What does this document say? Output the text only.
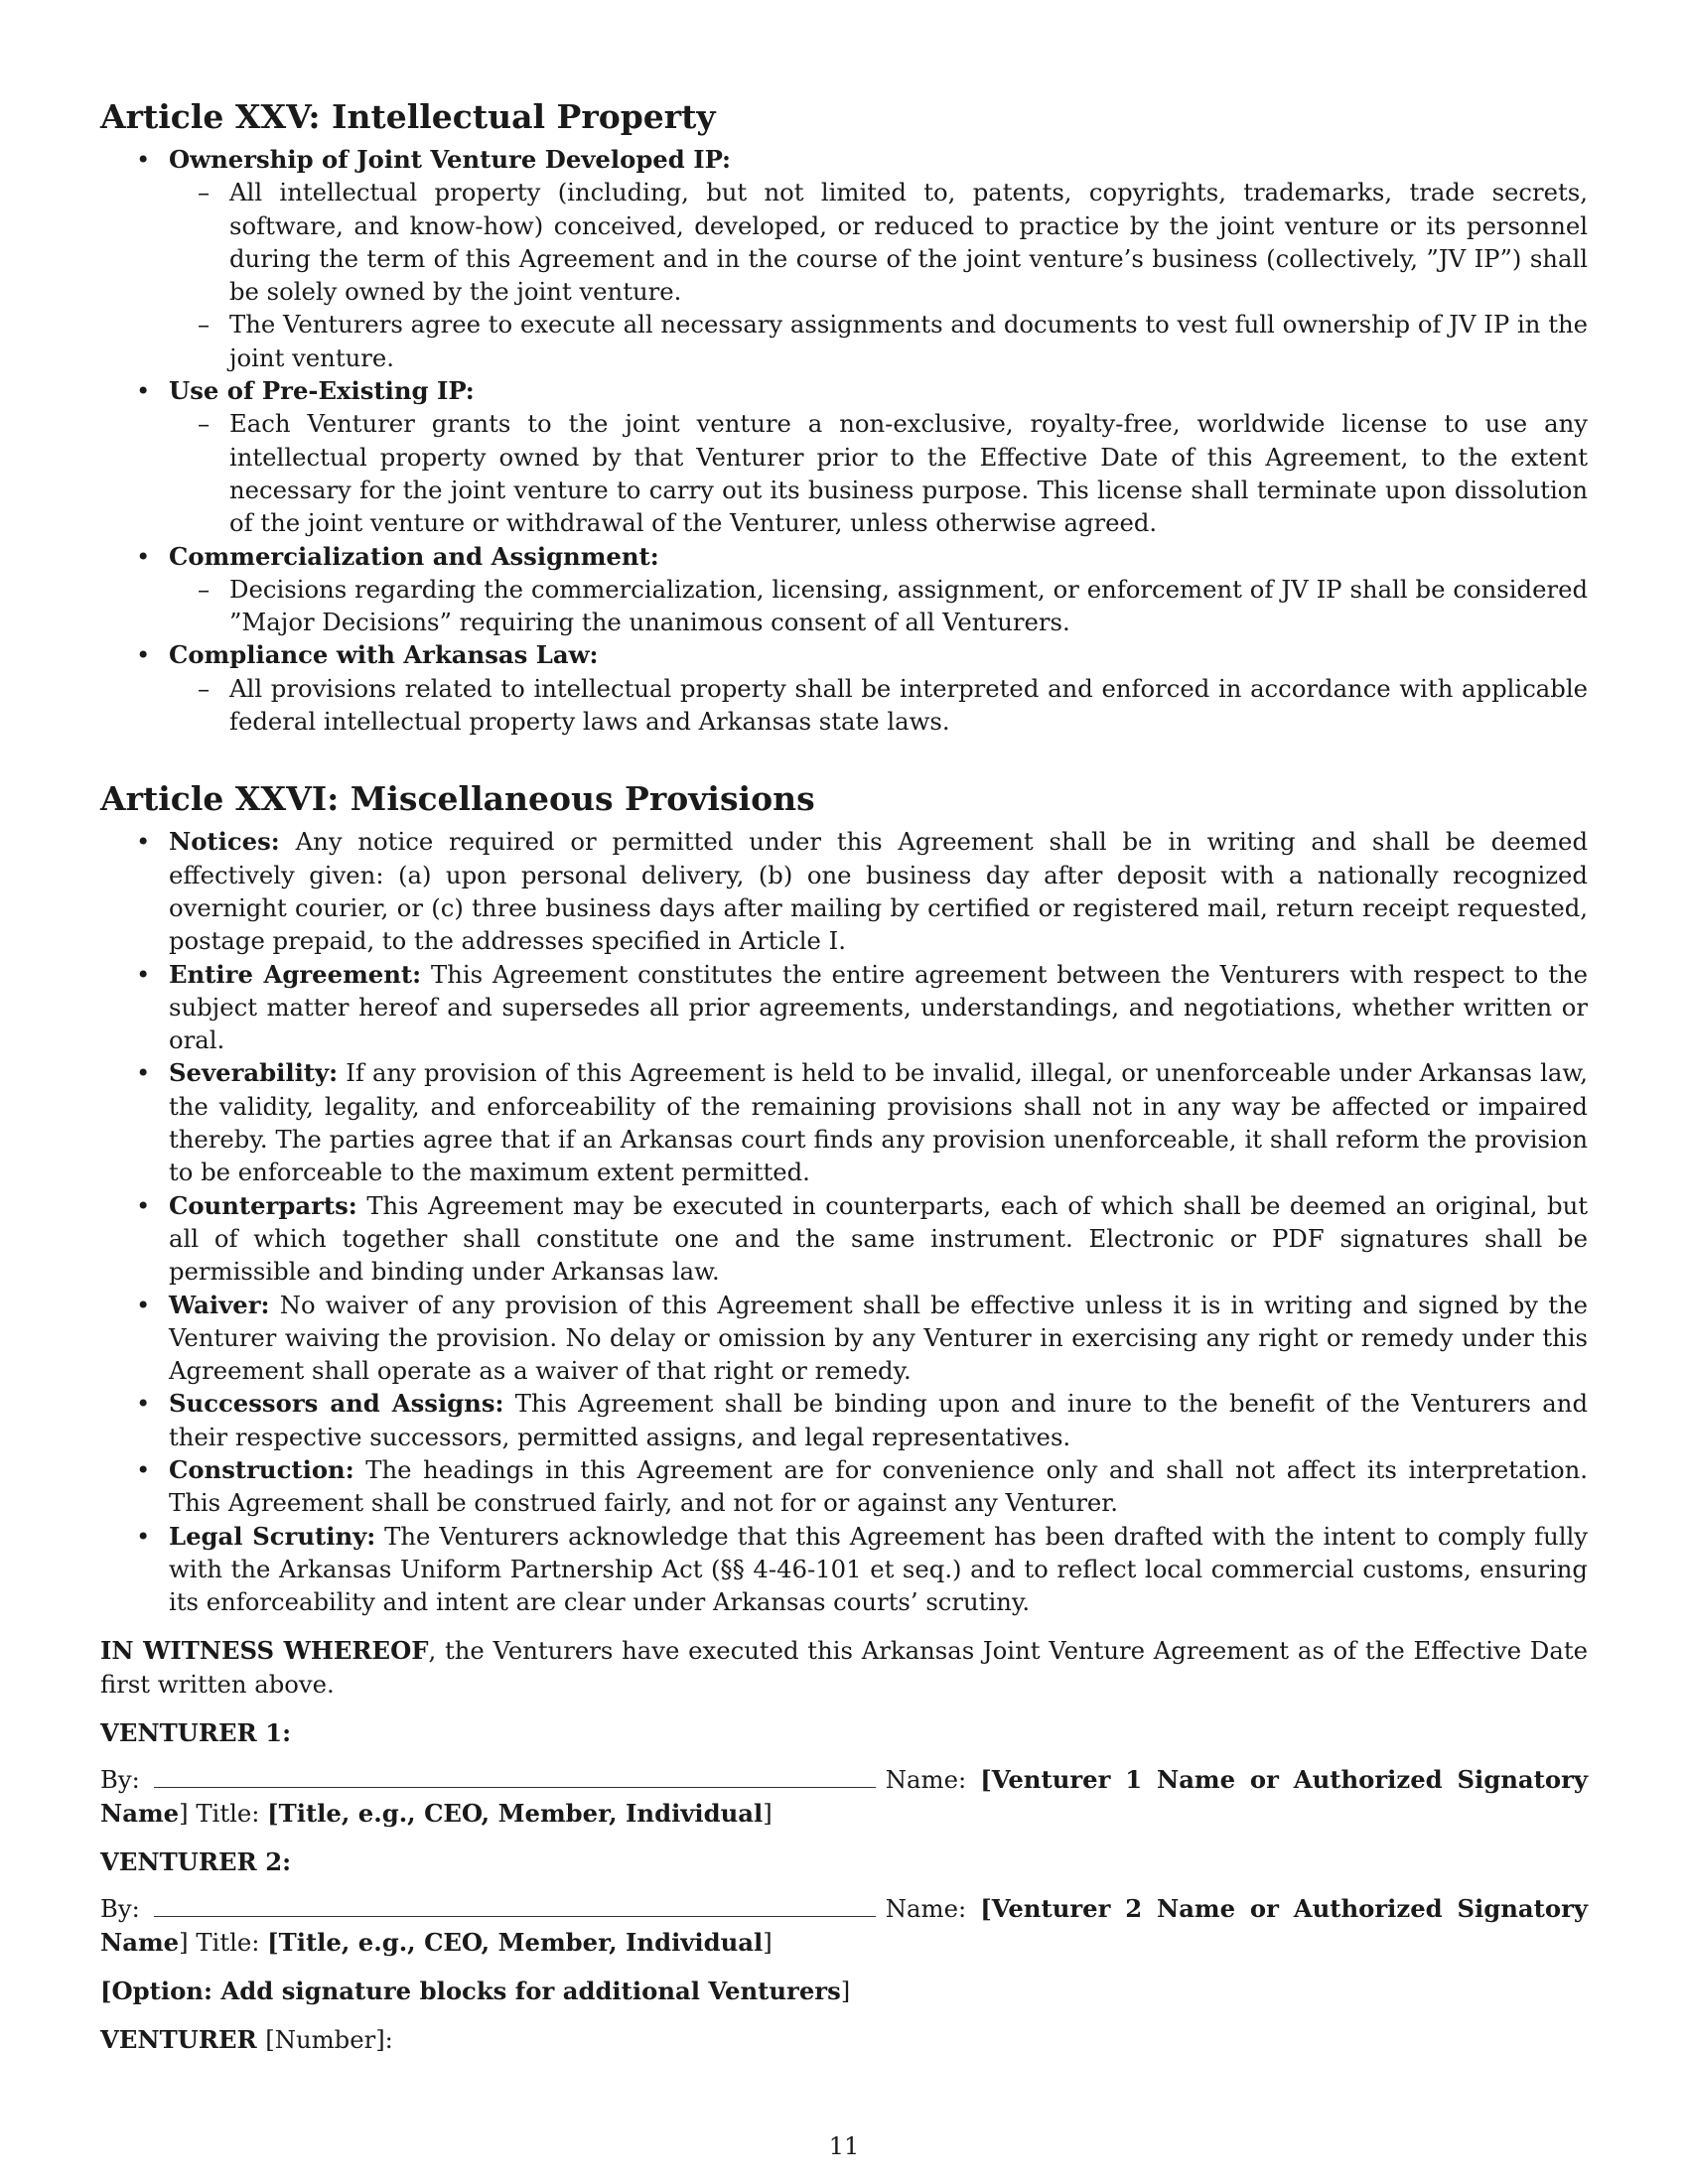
Article XXV: Intellectual Property
• Ownership of Joint Venture Developed IP:
– All intellectual property (including, but not limited to, patents, copyrights, trademarks, trade secrets, software, and know-how) conceived, developed, or reduced to practice by the joint venture or its personnel during the term of this Agreement and in the course of the joint venture’s business (collectively, ”JV IP”) shall be solely owned by the joint venture.
– The Venturers agree to execute all necessary assignments and documents to vest full ownership of JV IP in the joint venture.
• Use of Pre-Existing IP:
– Each Venturer grants to the joint venture a non-exclusive, royalty-free, worldwide license to use any intellectual property owned by that Venturer prior to the Effective Date of this Agreement, to the extent necessary for the joint venture to carry out its business purpose. This license shall terminate upon dissolution of the joint venture or withdrawal of the Venturer, unless otherwise agreed.
• Commercialization and Assignment:
– Decisions regarding the commercialization, licensing, assignment, or enforcement of JV IP shall be considered ”Major Decisions” requiring the unanimous consent of all Venturers.
• Compliance with Arkansas Law:
– All provisions related to intellectual property shall be interpreted and enforced in accordance with applicable federal intellectual property laws and Arkansas state laws.
Article XXVI: Miscellaneous Provisions
• Notices: Any notice required or permitted under this Agreement shall be in writing and shall be deemed effectively given: (a) upon personal delivery, (b) one business day after deposit with a nationally recognized overnight courier, or (c) three business days after mailing by certified or registered mail, return receipt requested, postage prepaid, to the addresses specified in Article I.
• Entire Agreement: This Agreement constitutes the entire agreement between the Venturers with respect to the subject matter hereof and supersedes all prior agreements, understandings, and negotiations, whether written or oral.
• Severability: If any provision of this Agreement is held to be invalid, illegal, or unenforceable under Arkansas law, the validity, legality, and enforceability of the remaining provisions shall not in any way be affected or impaired thereby. The parties agree that if an Arkansas court finds any provision unenforceable, it shall reform the provision to be enforceable to the maximum extent permitted.
• Counterparts: This Agreement may be executed in counterparts, each of which shall be deemed an original, but all of which together shall constitute one and the same instrument. Electronic or PDF signatures shall be permissible and binding under Arkansas law.
• Waiver: No waiver of any provision of this Agreement shall be effective unless it is in writing and signed by the Venturer waiving the provision. No delay or omission by any Venturer in exercising any right or remedy under this Agreement shall operate as a waiver of that right or remedy.
• Successors and Assigns: This Agreement shall be binding upon and inure to the benefit of the Venturers and their respective successors, permitted assigns, and legal representatives.
• Construction: The headings in this Agreement are for convenience only and shall not affect its interpretation. This Agreement shall be construed fairly, and not for or against any Venturer.
• Legal Scrutiny: The Venturers acknowledge that this Agreement has been drafted with the intent to comply fully with the Arkansas Uniform Partnership Act (§§ 4-46-101 et seq.) and to reflect local commercial customs, ensuring its enforceability and intent are clear under Arkansas courts’ scrutiny.

IN WITNESS WHEREOF, the Venturers have executed this Arkansas Joint Venture Agreement as of the Effective Date first written above.

VENTURER 1:

By:	Name: [Venturer 1 Name or Authorized Signatory Name] Title: [Title, e.g., CEO, Member, Individual]

VENTURER 2:

By:	Name: [Venturer 2 Name or Authorized Signatory Name] Title: [Title, e.g., CEO, Member, Individual]

[Option: Add signature blocks for additional Venturers]

VENTURER [Number]:

11
